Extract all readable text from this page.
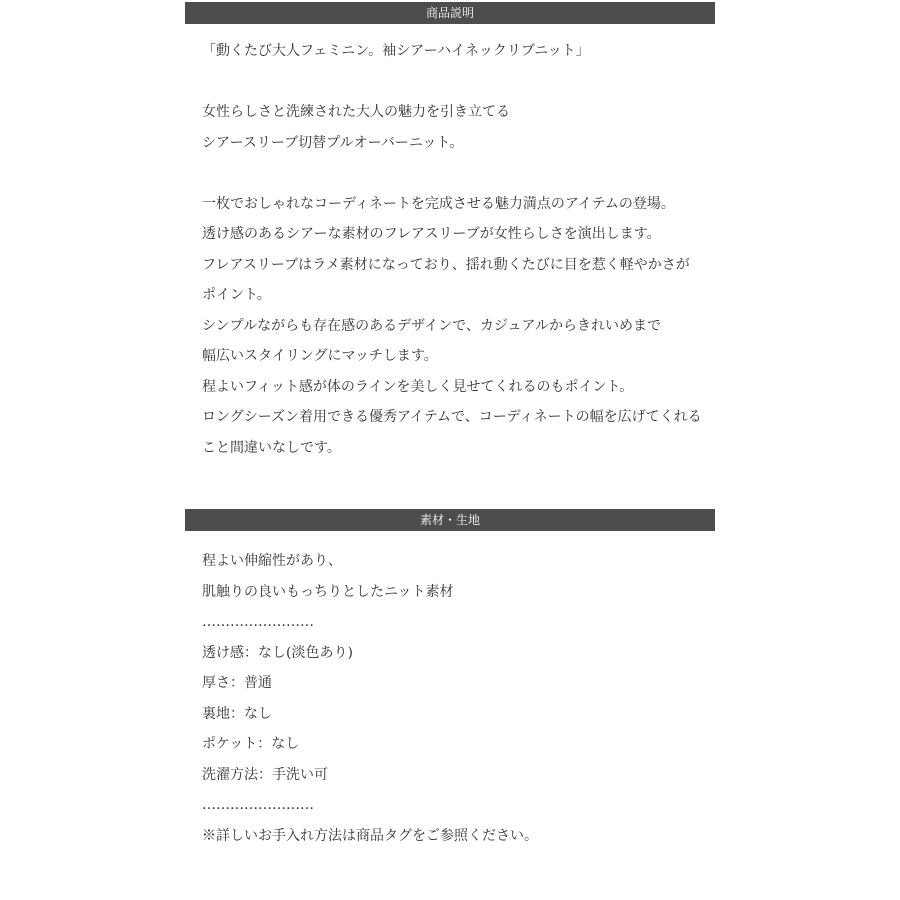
商品説明
「動くたび大人フェミニン。袖シアーハイネックリブニット」
女性らしさと洗練された大人の魅力を引き立てる
シアースリーブ切替プルオーバーニット。
一枚でおしゃれなコーディネートを完成させる魅力満点のアイテムの登場。
透け感のあるシアーな素材のフレアスリーブが女性らしさを演出します。
フレアスリーブはラメ素材になっており、揺れ動くたびに目を惹く軽やかさが
ポイント。
シンプルながらも存在感のあるデザインで、カジュアルからきれいめまで
幅広いスタイリングにマッチします。
程よいフィット感が体のラインを美しく見せてくれるのもポイント。
ロングシーズン着用できる優秀アイテムで、コーディネートの幅を広げてくれる
こと間違いなしです。
素材・生地
程よい伸縮性があり、
肌触りの良いもっちりとしたニット素材
……………………
透け感：なし(淡色あり)
厚さ：普通
裏地：なし
ポケット：なし
洗濯方法：手洗い可
……………………
※詳しいお手入れ方法は商品タグをご参照ください。
